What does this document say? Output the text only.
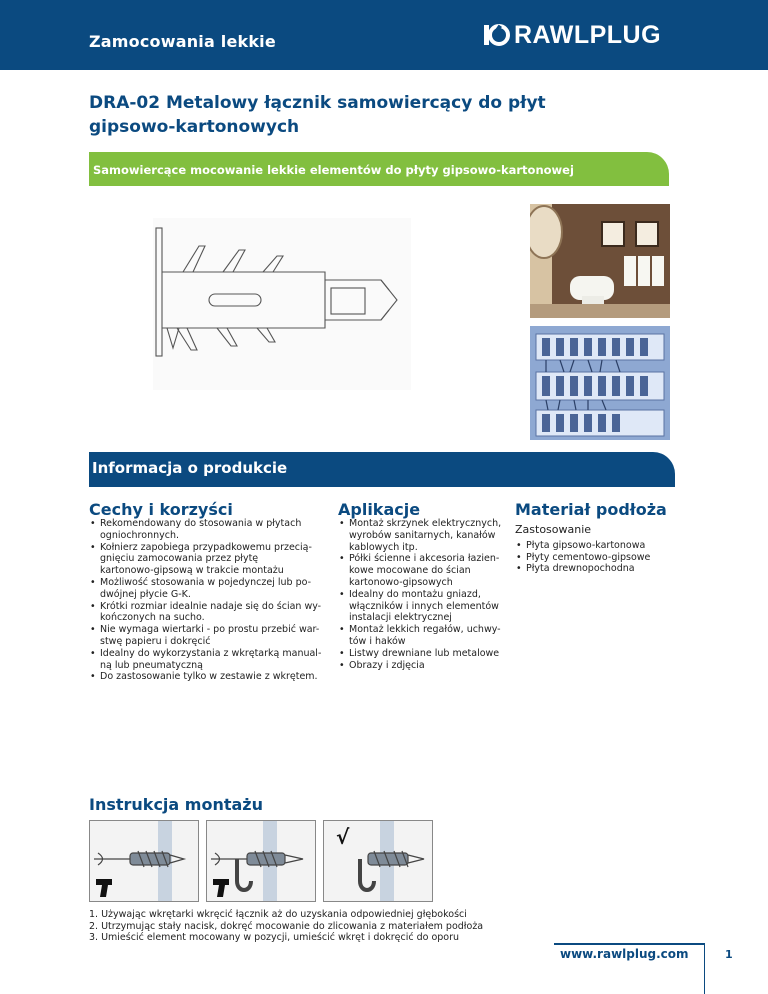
Zamocowania lekkie	RAWLPLUG
DRA-02 Metalowy łącznik samowiercący do płyt gipsowo-kartonowych
Samowiercące mocowanie lekkie elementów do płyty gipsowo-kartonowej
Informacja o produkcie
Cechy i korzyści	Aplikacje	Materiał podłoża
• Rekomendowany do stosowania w płytach
ogniochronnych.
• Kołnierz zapobiega przypadkowemu przecią-
gnięciu zamocowania przez płytę
kartonowo-gipsową w trakcie montażu
• Możliwość stosowania w pojedynczej lub po-
dwójnej płycie G-K.
• Krótki rozmiar idealnie nadaje się do ścian wy-
kończonych na sucho.
• Nie wymaga wiertarki - po prostu przebić war-
stwę papieru i dokręcić
• Idealny do wykorzystania z wkrętarką manual-
ną lub pneumatyczną
• Do zastosowanie tylko w zestawie z wkrętem.
• Montaż skrzynek elektrycznych,
wyrobów sanitarnych, kanałów
kablowych itp.
• Półki ścienne i akcesoria łazien-
kowe mocowane do ścian
kartonowo-gipsowych
• Idealny do montażu gniazd,
włączników i innych elementów
instalacji elektrycznej
• Montaż lekkich regałów, uchwy-
tów i haków
• Listwy drewniane lub metalowe
• Obrazy i zdjęcia
Zastosowanie
• Płyta gipsowo-kartonowa
• Płyty cementowo-gipsowe
• Płyta drewnopochodna
Instrukcja montażu
√
1. Używając wkrętarki wkręcić łącznik aż do uzyskania odpowiedniej głębokości
2. Utrzymując stały nacisk, dokręć mocowanie do zlicowania z materiałem podłoża
3. Umieścić element mocowany w pozycji, umieścić wkręt i dokręcić do oporu
www.rawlplug.com	1
